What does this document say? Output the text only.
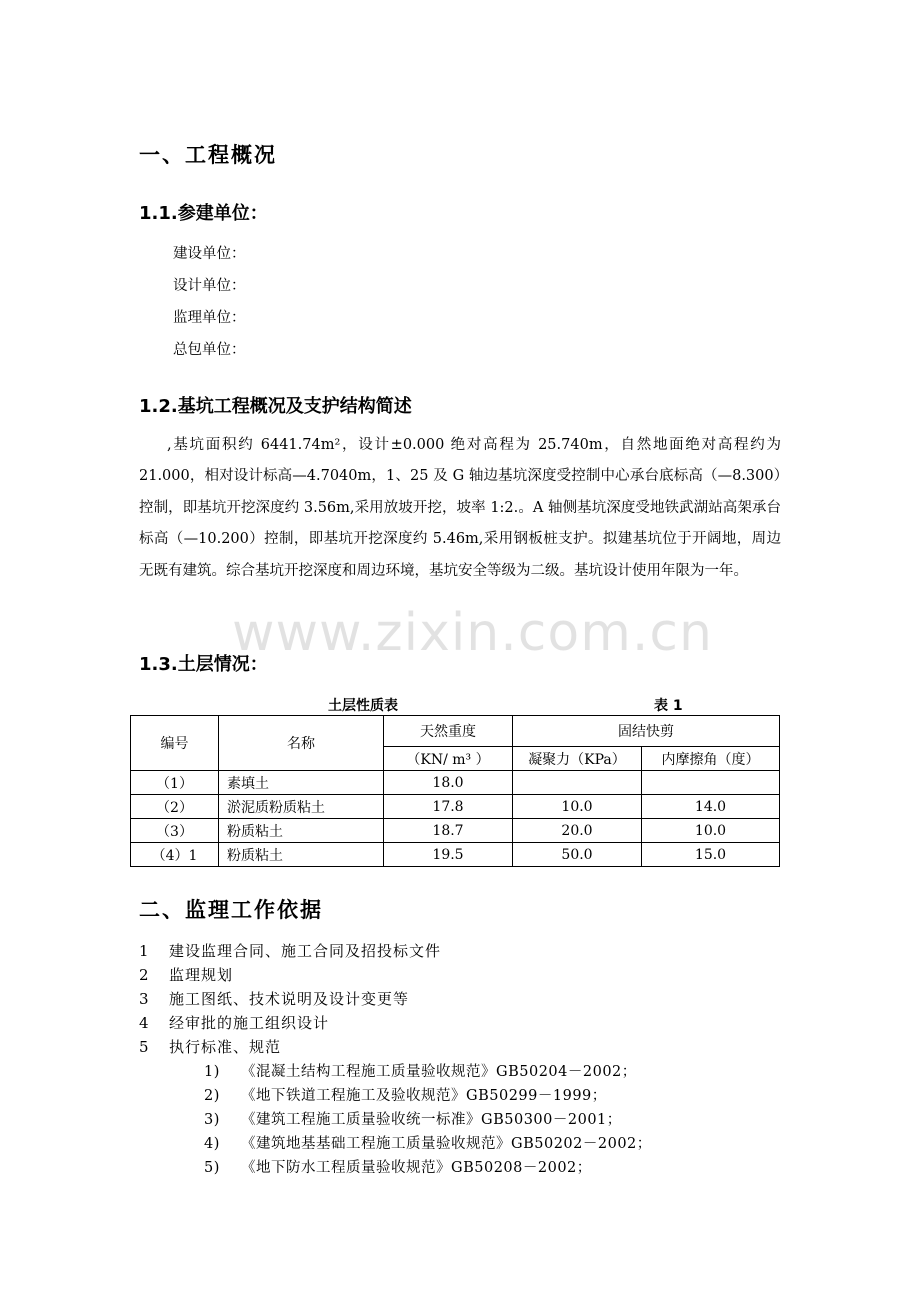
一、工程概况
1.1.参建单位：
建设单位：
设计单位：
监理单位：
总包单位：
1.2.基坑工程概况及支护结构简述
,基坑面积约 6441.74m²，设计±0.000 绝对高程为 25.740m，自然地面绝对高程约为 21.000，相对设计标高—4.7040m，1、25 及 G 轴边基坑深度受控制中心承台底标高（—8.300）控制，即基坑开挖深度约 3.56m,采用放坡开挖，坡率 1:2.。A 轴侧基坑深度受地铁武湖站高架承台标高（—10.200）控制，即基坑开挖深度约 5.46m,采用钢板桩支护。拟建基坑位于开阔地，周边无既有建筑。综合基坑开挖深度和周边环境，基坑安全等级为二级。基坑设计使用年限为一年。
www.zixin.com.cn
1.3.土层情况：
土层性质表	表 1
编号	名称	天然重度	固结快剪	
		（KN/ m³ ）	凝聚力（KPa）	内摩擦角（度）
（1）	素填土	18.0		
（2）	淤泥质粉质粘土	17.8	10.0	14.0
（3）	粉质粘土	18.7	20.0	10.0
（4）1	粉质粘土	19.5	50.0	15.0
二、监理工作依据
1 建设监理合同、施工合同及招投标文件
2 监理规划
3 施工图纸、技术说明及设计变更等
4 经审批的施工组织设计
5 执行标准、规范
1) 《混凝土结构工程施工质量验收规范》GB50204－2002；
2) 《地下铁道工程施工及验收规范》GB50299－1999；
3) 《建筑工程施工质量验收统一标准》GB50300－2001；
4) 《建筑地基基础工程施工质量验收规范》GB50202－2002；
5) 《地下防水工程质量验收规范》GB50208－2002；
